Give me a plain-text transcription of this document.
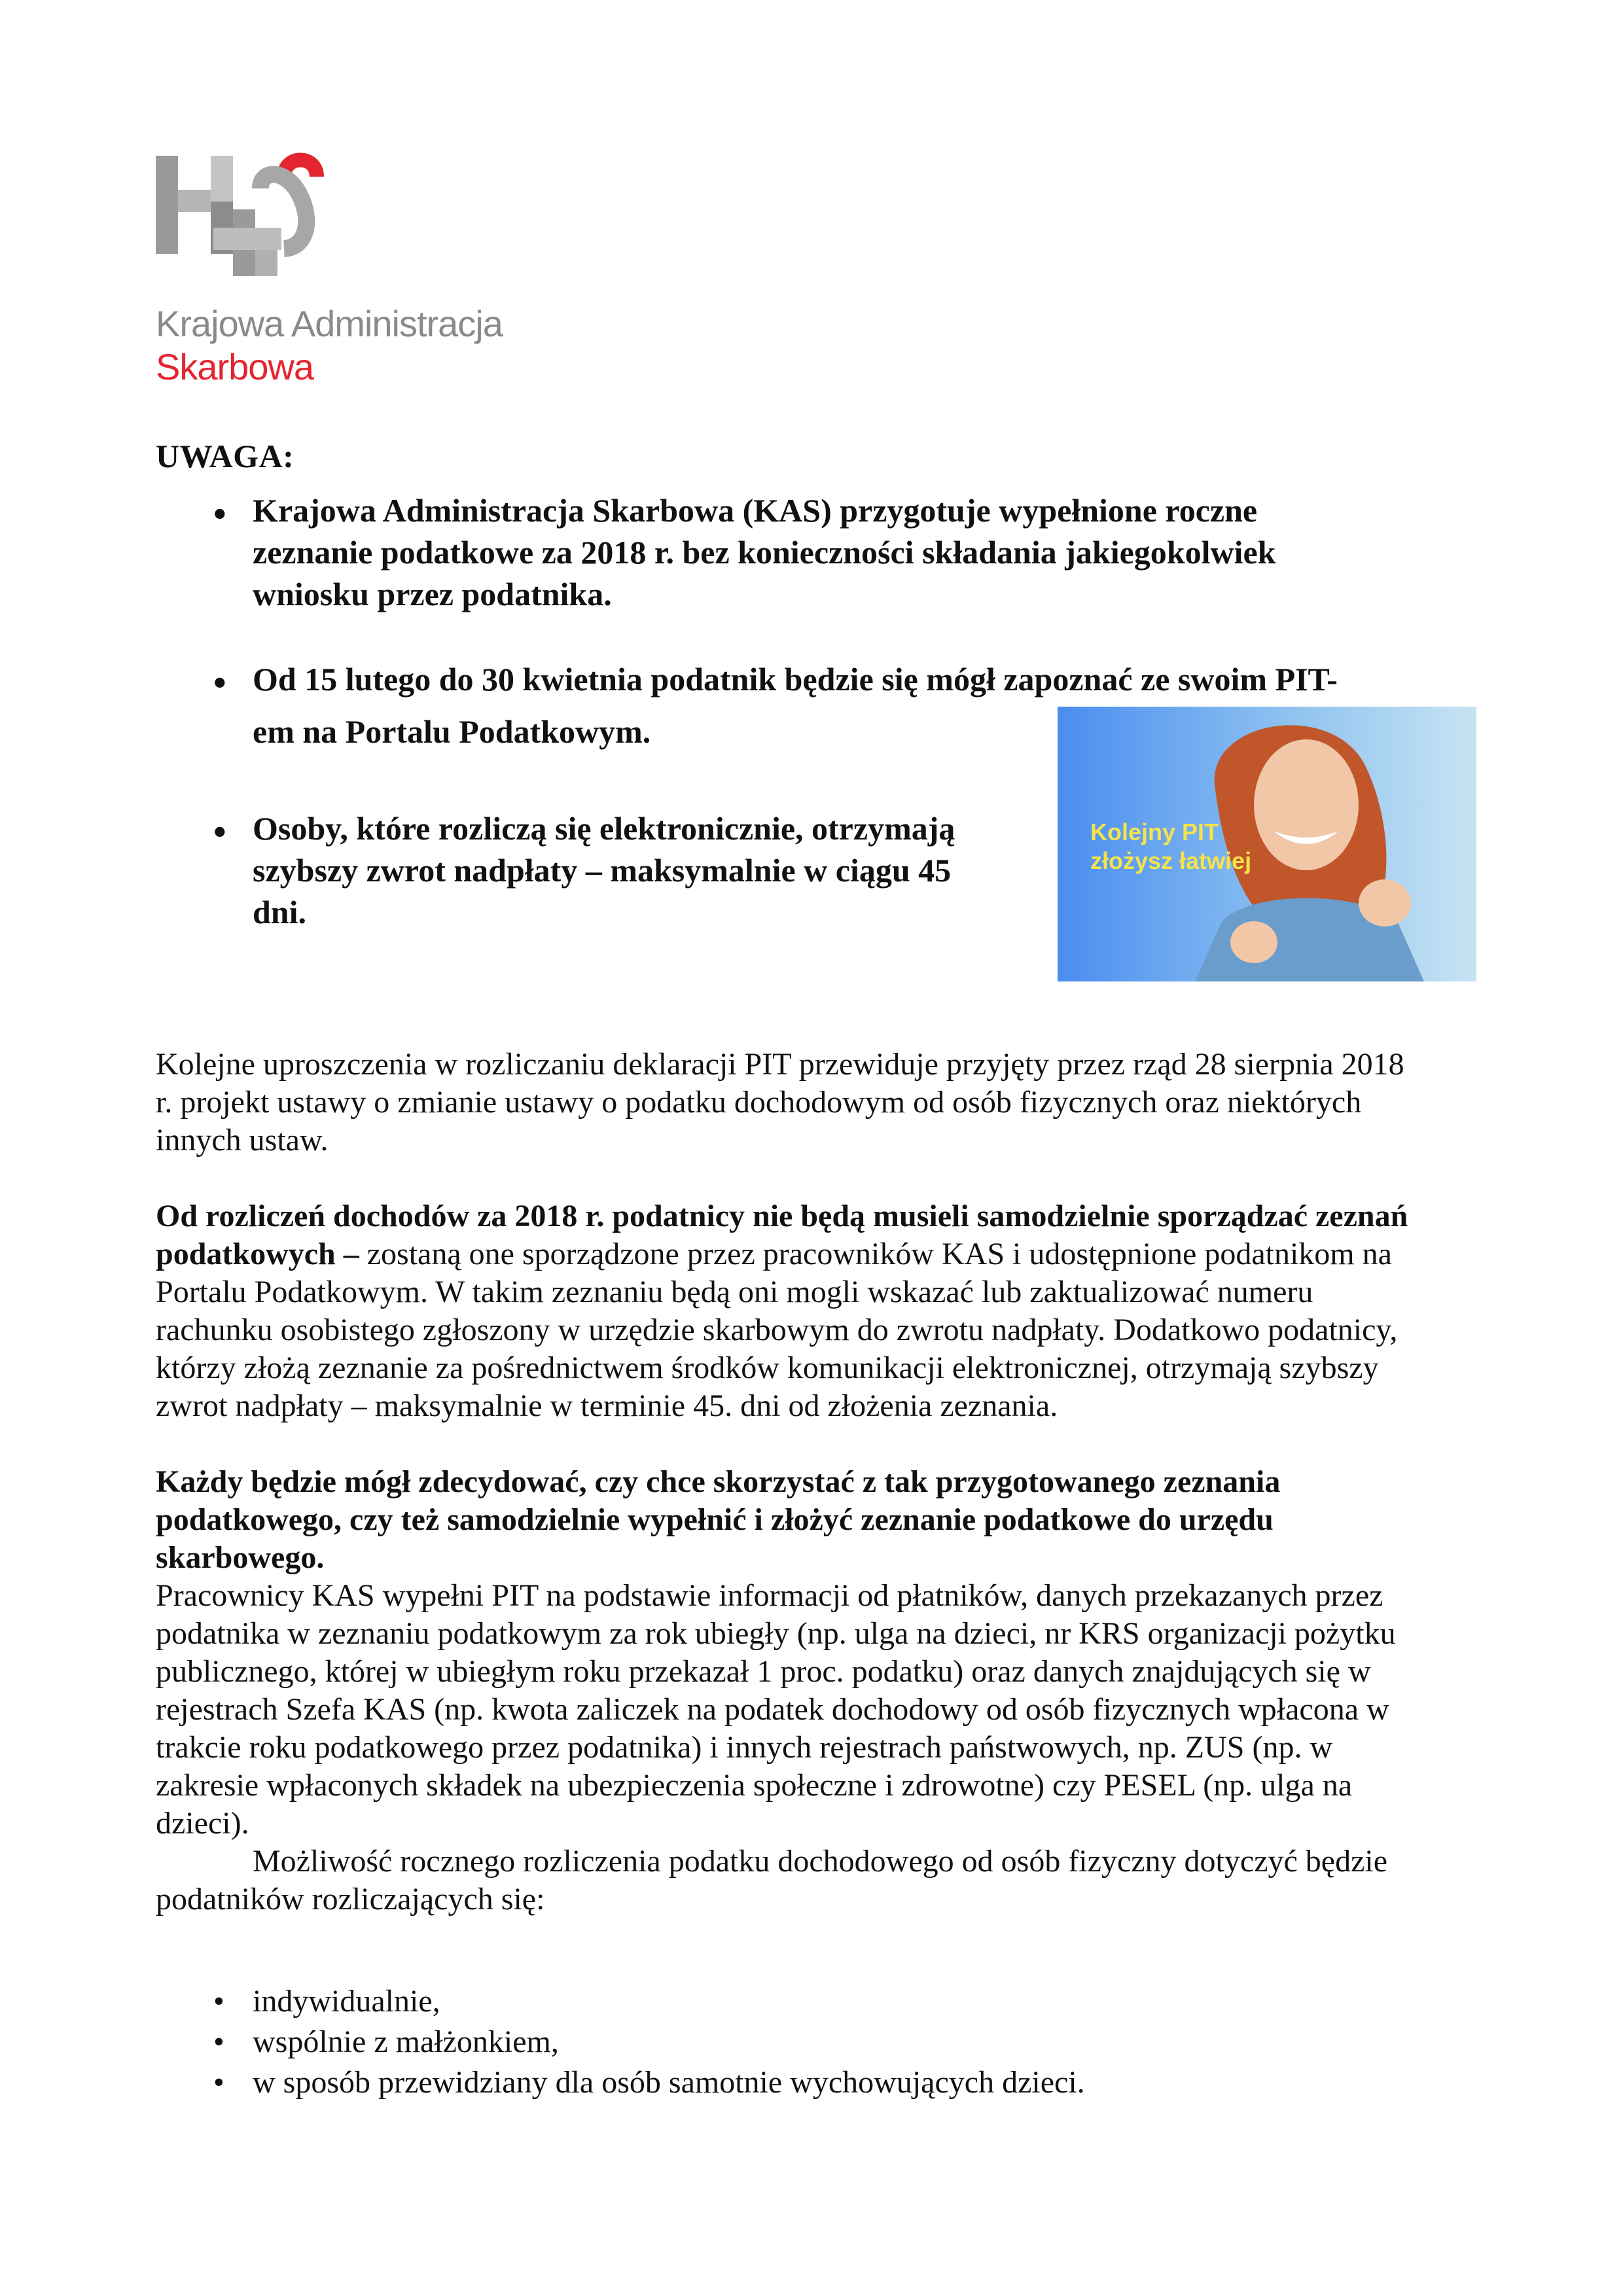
Krajowa Administracja
Skarbowa
UWAGA:
• Krajowa Administracja Skarbowa (KAS) przygotuje wypełnione roczne
zeznanie podatkowe za 2018 r. bez konieczności składania jakiegokolwiek
wniosku przez podatnika.
• Od 15 lutego do 30 kwietnia podatnik będzie się mógł zapoznać ze swoim PIT-
em na Portalu Podatkowym.
• Osoby, które rozliczą się elektronicznie, otrzymają
szybszy zwrot nadpłaty – maksymalnie w ciągu 45
dni.
Kolejny PIT
złożysz łatwiej
Kolejne uproszczenia w rozliczaniu deklaracji PIT przewiduje przyjęty przez rząd 28 sierpnia 2018
r. projekt ustawy o zmianie ustawy o podatku dochodowym od osób fizycznych oraz niektórych
innych ustaw.
Od rozliczeń dochodów za 2018 r. podatnicy nie będą musieli samodzielnie sporządzać zeznań
podatkowych – zostaną one sporządzone przez pracowników KAS i udostępnione podatnikom na
Portalu Podatkowym. W takim zeznaniu będą oni mogli wskazać lub zaktualizować numeru
rachunku osobistego zgłoszony w urzędzie skarbowym do zwrotu nadpłaty. Dodatkowo podatnicy,
którzy złożą zeznanie za pośrednictwem środków komunikacji elektronicznej, otrzymają szybszy
zwrot nadpłaty – maksymalnie w terminie 45. dni od złożenia zeznania.
Każdy będzie mógł zdecydować, czy chce skorzystać z tak przygotowanego zeznania
podatkowego, czy też samodzielnie wypełnić i złożyć zeznanie podatkowe do urzędu
skarbowego.
Pracownicy KAS wypełni PIT na podstawie informacji od płatników, danych przekazanych przez
podatnika w zeznaniu podatkowym za rok ubiegły (np. ulga na dzieci, nr KRS organizacji pożytku
publicznego, której w ubiegłym roku przekazał 1 proc. podatku) oraz danych znajdujących się w
rejestrach Szefa KAS (np. kwota zaliczek na podatek dochodowy od osób fizycznych wpłacona w
trakcie roku podatkowego przez podatnika) i innych rejestrach państwowych, np. ZUS (np. w
zakresie wpłaconych składek na ubezpieczenia społeczne i zdrowotne) czy PESEL (np. ulga na
dzieci).
Możliwość rocznego rozliczenia podatku dochodowego od osób fizyczny dotyczyć będzie
podatników rozliczających się:
• indywidualnie,
• wspólnie z małżonkiem,
• w sposób przewidziany dla osób samotnie wychowujących dzieci.
